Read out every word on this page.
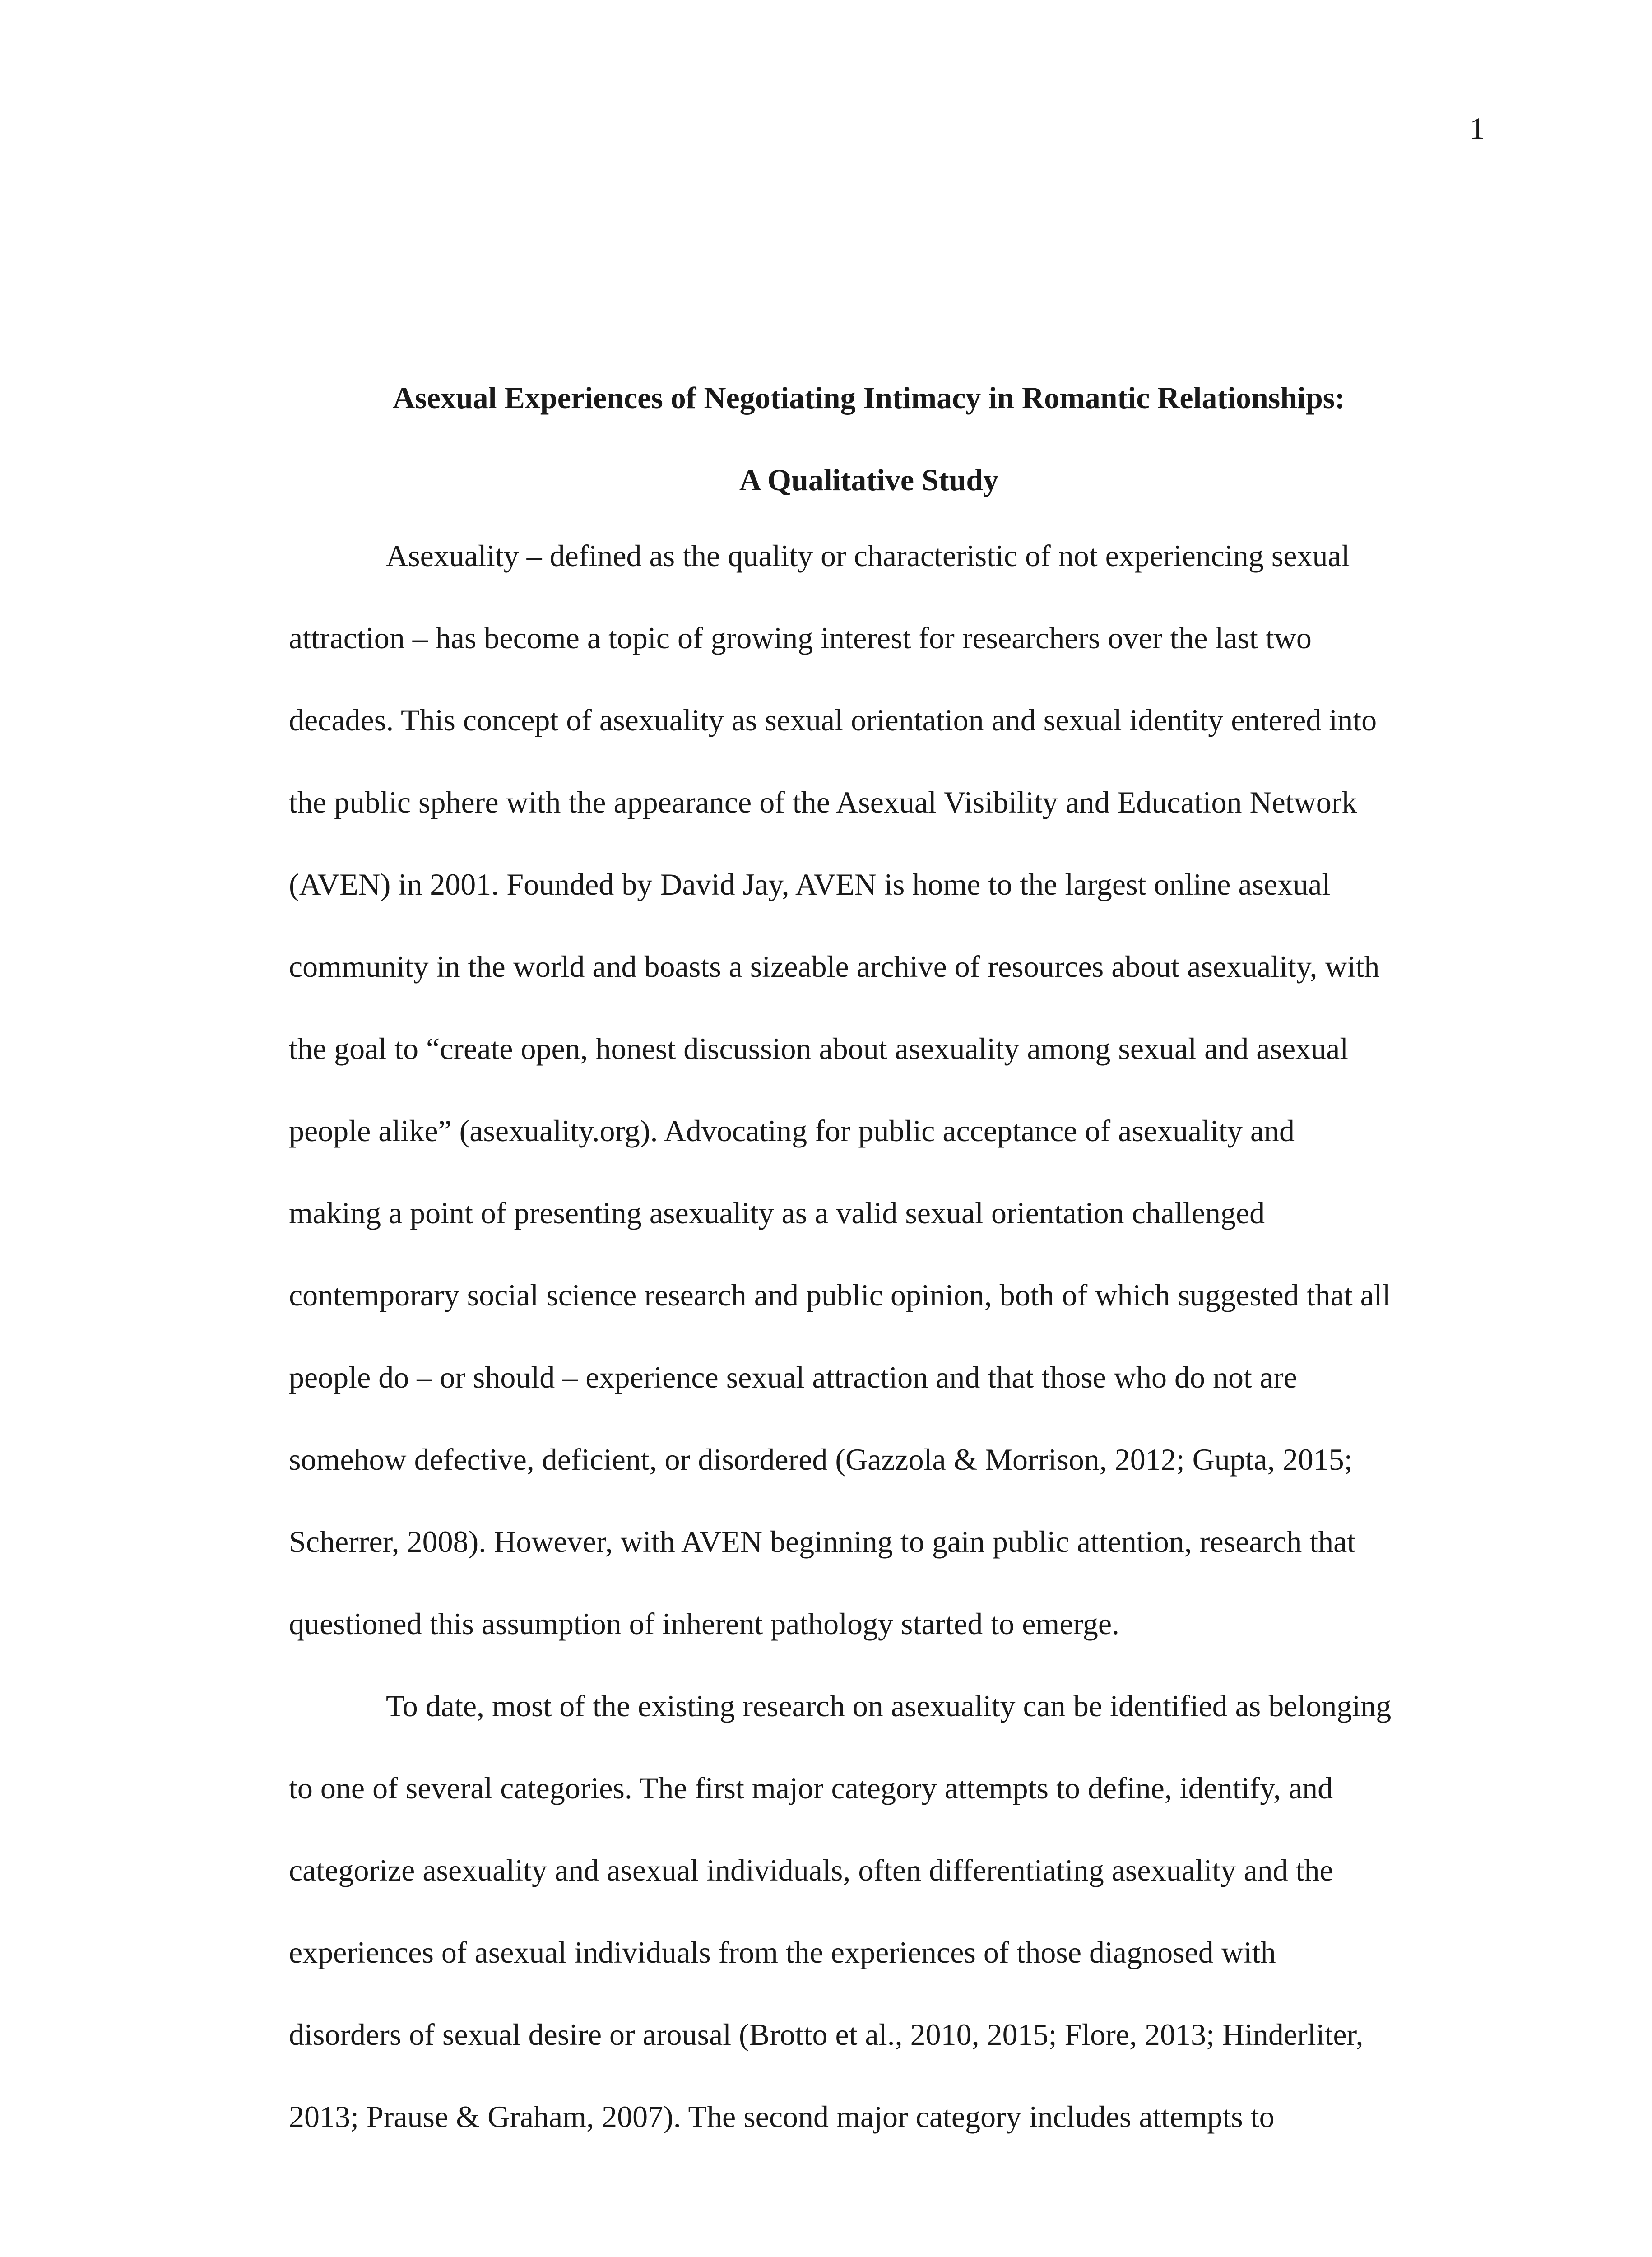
1
Asexual Experiences of Negotiating Intimacy in Romantic Relationships:
A Qualitative Study
Asexuality – defined as the quality or characteristic of not experiencing sexual
attraction – has become a topic of growing interest for researchers over the last two
decades. This concept of asexuality as sexual orientation and sexual identity entered into
the public sphere with the appearance of the Asexual Visibility and Education Network
(AVEN) in 2001. Founded by David Jay, AVEN is home to the largest online asexual
community in the world and boasts a sizeable archive of resources about asexuality, with
the goal to “create open, honest discussion about asexuality among sexual and asexual
people alike” (asexuality.org). Advocating for public acceptance of asexuality and
making a point of presenting asexuality as a valid sexual orientation challenged
contemporary social science research and public opinion, both of which suggested that all
people do – or should – experience sexual attraction and that those who do not are
somehow defective, deficient, or disordered (Gazzola & Morrison, 2012; Gupta, 2015;
Scherrer, 2008). However, with AVEN beginning to gain public attention, research that
questioned this assumption of inherent pathology started to emerge.
To date, most of the existing research on asexuality can be identified as belonging
to one of several categories. The first major category attempts to define, identify, and
categorize asexuality and asexual individuals, often differentiating asexuality and the
experiences of asexual individuals from the experiences of those diagnosed with
disorders of sexual desire or arousal (Brotto et al., 2010, 2015; Flore, 2013; Hinderliter,
2013; Prause & Graham, 2007). The second major category includes attempts to
